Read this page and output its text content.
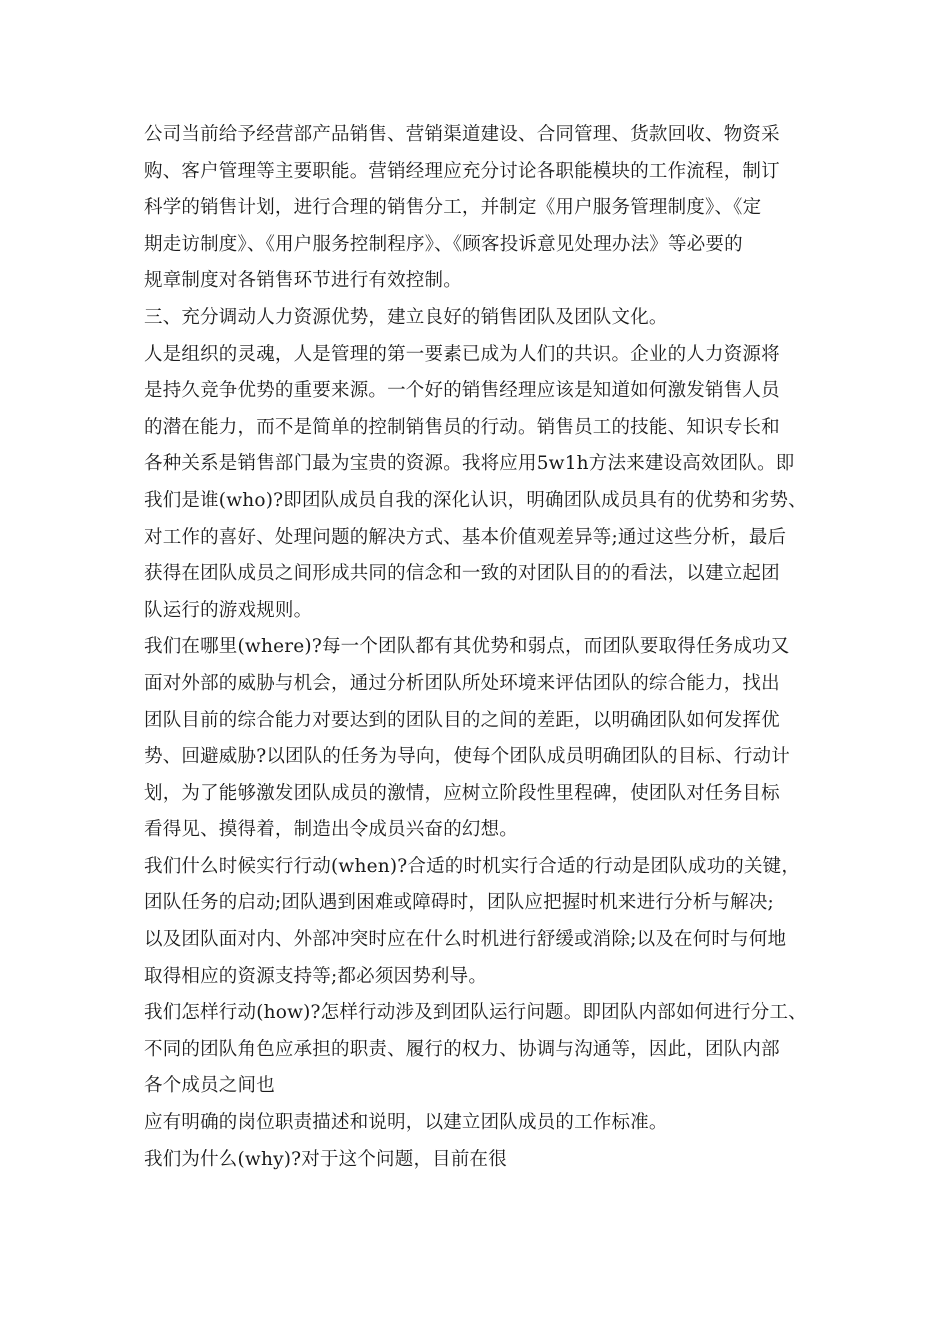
公司当前给予经营部产品销售、营销渠道建设、合同管理、货款回收、物资采
购、客户管理等主要职能。营销经理应充分讨论各职能模块的工作流程，制订
科学的销售计划，进行合理的销售分工，并制定《用户服务管理制度》、《定
期走访制度》、《用户服务控制程序》、《顾客投诉意见处理办法》等必要的
规章制度对各销售环节进行有效控制。
三、充分调动人力资源优势，建立良好的销售团队及团队文化。
人是组织的灵魂，人是管理的第一要素已成为人们的共识。企业的人力资源将
是持久竞争优势的重要来源。一个好的销售经理应该是知道如何激发销售人员
的潜在能力，而不是简单的控制销售员的行动。销售员工的技能、知识专长和
各种关系是销售部门最为宝贵的资源。我将应用5w1h方法来建设高效团队。即
我们是谁(who)?即团队成员自我的深化认识，明确团队成员具有的优势和劣势、
对工作的喜好、处理问题的解决方式、基本价值观差异等;通过这些分析，最后
获得在团队成员之间形成共同的信念和一致的对团队目的的看法，以建立起团
队运行的游戏规则。
我们在哪里(where)?每一个团队都有其优势和弱点，而团队要取得任务成功又
面对外部的威胁与机会，通过分析团队所处环境来评估团队的综合能力，找出
团队目前的综合能力对要达到的团队目的之间的差距，以明确团队如何发挥优
势、回避威胁?以团队的任务为导向，使每个团队成员明确团队的目标、行动计
划，为了能够激发团队成员的激情，应树立阶段性里程碑，使团队对任务目标
看得见、摸得着，制造出令成员兴奋的幻想。
我们什么时候实行行动(when)?合适的时机实行合适的行动是团队成功的关键，
团队任务的启动;团队遇到困难或障碍时，团队应把握时机来进行分析与解决;
以及团队面对内、外部冲突时应在什么时机进行舒缓或消除;以及在何时与何地
取得相应的资源支持等;都必须因势利导。
我们怎样行动(how)?怎样行动涉及到团队运行问题。即团队内部如何进行分工、
不同的团队角色应承担的职责、履行的权力、协调与沟通等，因此，团队内部
各个成员之间也
应有明确的岗位职责描述和说明，以建立团队成员的工作标准。
我们为什么(why)?对于这个问题，目前在很
